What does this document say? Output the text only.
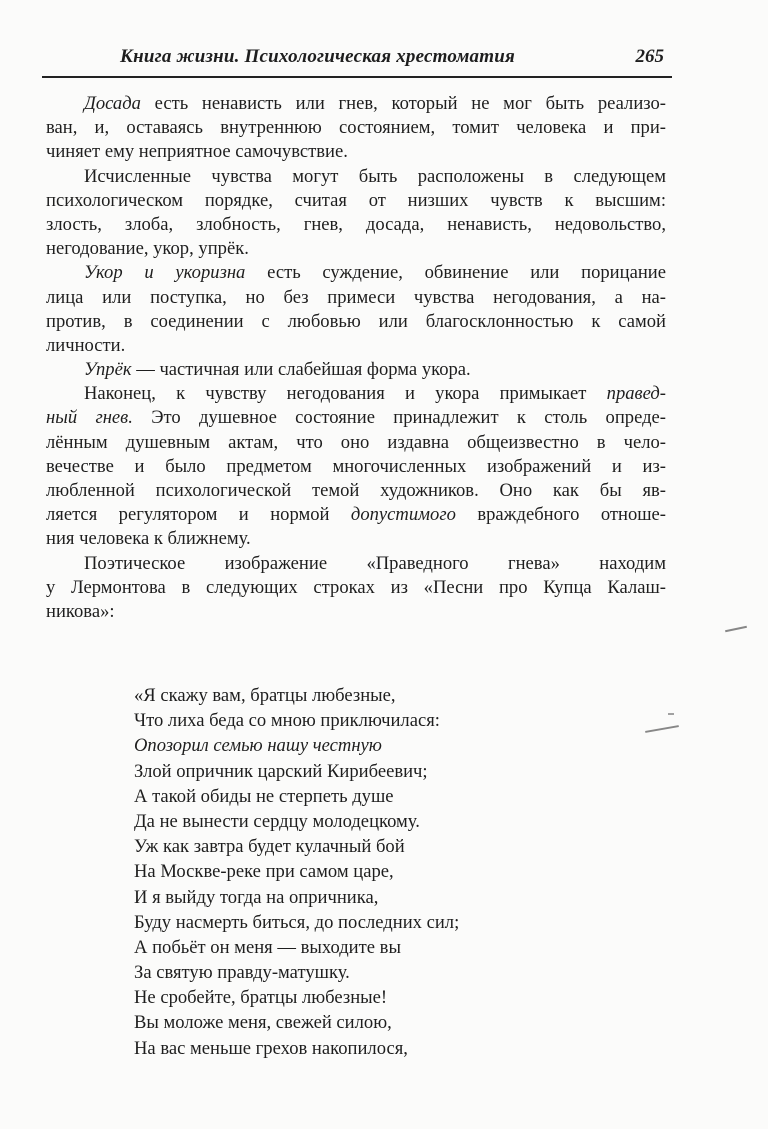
Книга жизни. Психологическая хрестоматия	265
Досада есть ненависть или гнев, который не мог быть реализо-
ван, и, оставаясь внутреннюю состоянием, томит человека и при-
чиняет ему неприятное самочувствие.
Исчисленные чувства могут быть расположены в следующем
психологическом порядке, считая от низших чувств к высшим:
злость, злоба, злобность, гнев, досада, ненависть, недовольство,
негодование, укор, упрёк.
Укор и укоризна есть суждение, обвинение или порицание
лица или поступка, но без примеси чувства негодования, а на-
против, в соединении с любовью или благосклонностью к самой
личности.
Упрёк — частичная или слабейшая форма укора.
Наконец, к чувству негодования и укора примыкает правед-
ный гнев. Это душевное состояние принадлежит к столь опреде-
лённым душевным актам, что оно издавна общеизвестно в чело-
вечестве и было предметом многочисленных изображений и из-
любленной психологической темой художников. Оно как бы яв-
ляется регулятором и нормой допустимого враждебного отноше-
ния человека к ближнему.
Поэтическое изображение «Праведного гнева» находим
у Лермонтова в следующих строках из «Песни про Купца Калаш-
никова»:
«Я скажу вам, братцы любезные,
Что лиха беда со мною приключилася:
Опозорил семью нашу честную
Злой опричник царский Кирибеевич;
А такой обиды не стерпеть душе
Да не вынести сердцу молодецкому.
Уж как завтра будет кулачный бой
На Москве-реке при самом царе,
И я выйду тогда на опричника,
Буду насмерть биться, до последних сил;
А побьёт он меня — выходите вы
За святую правду-матушку.
Не сробейте, братцы любезные!
Вы моложе меня, свежей силою,
На вас меньше грехов накопилося,
